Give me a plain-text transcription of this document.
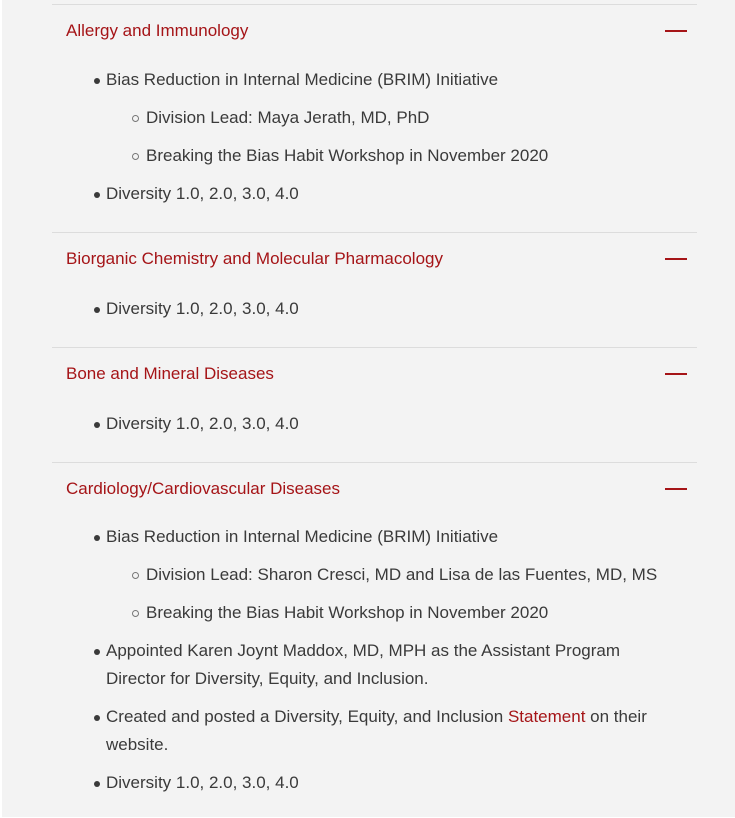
Allergy and Immunology
Bias Reduction in Internal Medicine (BRIM) Initiative
Division Lead: Maya Jerath, MD, PhD
Breaking the Bias Habit Workshop in November 2020
Diversity 1.0, 2.0, 3.0, 4.0
Biorganic Chemistry and Molecular Pharmacology
Diversity 1.0, 2.0, 3.0, 4.0
Bone and Mineral Diseases
Diversity 1.0, 2.0, 3.0, 4.0
Cardiology/Cardiovascular Diseases
Bias Reduction in Internal Medicine (BRIM) Initiative
Division Lead: Sharon Cresci, MD and Lisa de las Fuentes, MD, MS
Breaking the Bias Habit Workshop in November 2020
Appointed Karen Joynt Maddox, MD, MPH as the Assistant Program
Director for Diversity, Equity, and Inclusion.
Created and posted a Diversity, Equity, and Inclusion Statement on their
website.
Diversity 1.0, 2.0, 3.0, 4.0
